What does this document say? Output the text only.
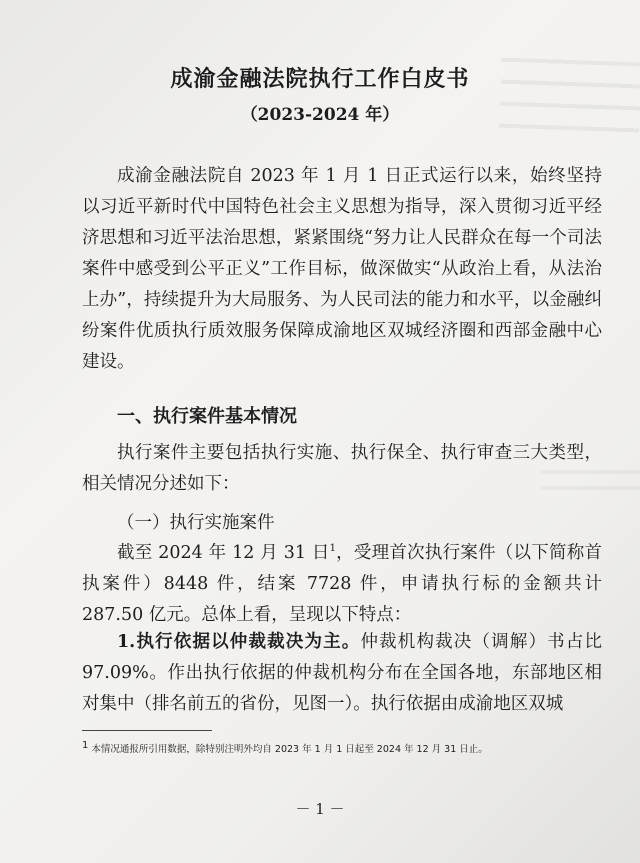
成渝金融法院执行工作白皮书
（2023-2024 年）

成渝金融法院自 2023 年 1 月 1 日正式运行以来，始终坚持以习近平新时代中国特色社会主义思想为指导，深入贯彻习近平经济思想和习近平法治思想，紧紧围绕“努力让人民群众在每一个司法案件中感受到公平正义”工作目标，做深做实“从政治上看，从法治上办”，持续提升为大局服务、为人民司法的能力和水平，以金融纠纷案件优质执行质效服务保障成渝地区双城经济圈和西部金融中心建设。

一、执行案件基本情况

执行案件主要包括执行实施、执行保全、执行审查三大类型，相关情况分述如下：

（一）执行实施案件

截至 2024 年 12 月 31 日$^1$，受理首次执行案件（以下简称首执案件）8448 件，结案 7728 件，申请执行标的金额共计 287.50 亿元。总体上看，呈现以下特点：

1.执行依据以仲裁裁决为主。仲裁机构裁决（调解）书占比 97.09%。作出执行依据的仲裁机构分布在全国各地，东部地区相对集中（排名前五的省份，见图一）。执行依据由成渝地区双城

$^1$ 本情况通报所引用数据，除特别注明外均自 2023 年 1 月 1 日起至 2024 年 12 月 31 日止。
－ 1 －
